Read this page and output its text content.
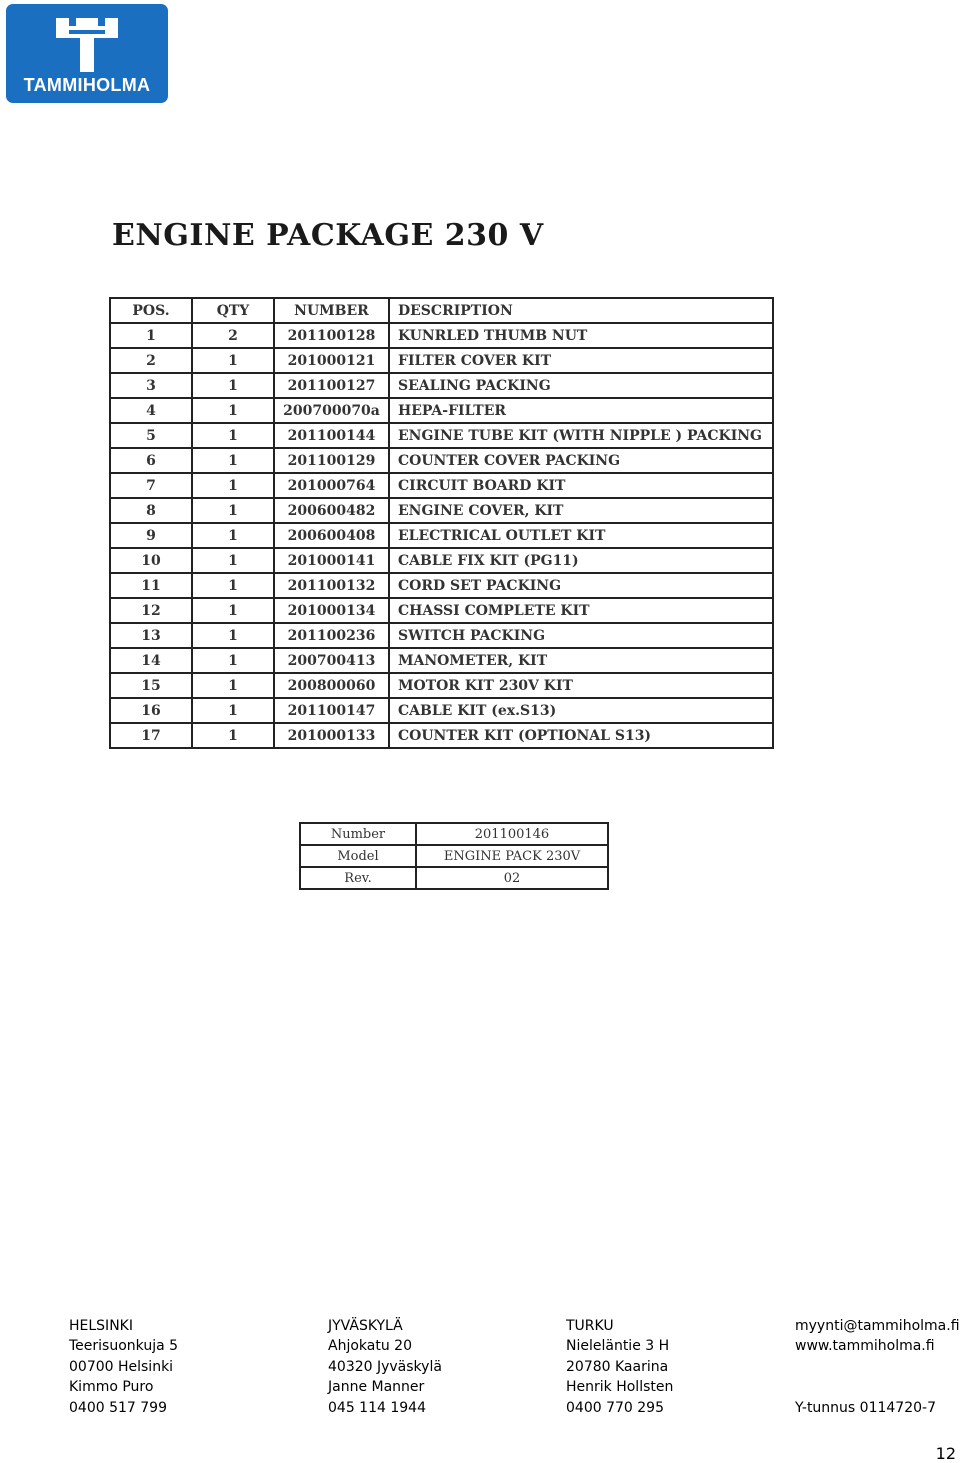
TAMMIHOLMA
ENGINE PACKAGE 230 V
POS.	QTY	NUMBER	DESCRIPTION
1	2	201100128	KUNRLED THUMB NUT
2	1	201000121	FILTER COVER KIT
3	1	201100127	SEALING PACKING
4	1	200700070a	HEPA-FILTER
5	1	201100144	ENGINE TUBE KIT (WITH NIPPLE ) PACKING
6	1	201100129	COUNTER COVER PACKING
7	1	201000764	CIRCUIT BOARD KIT
8	1	200600482	ENGINE COVER, KIT
9	1	200600408	ELECTRICAL OUTLET KIT
10	1	201000141	CABLE FIX KIT (PG11)
11	1	201100132	CORD SET PACKING
12	1	201000134	CHASSI COMPLETE KIT
13	1	201100236	SWITCH PACKING
14	1	200700413	MANOMETER, KIT
15	1	200800060	MOTOR KIT 230V KIT
16	1	201100147	CABLE KIT (ex.S13)
17	1	201000133	COUNTER KIT (OPTIONAL S13)
Number	201100146
Model	ENGINE PACK 230V
Rev.	02
HELSINKI
Teerisuonkuja 5
00700 Helsinki
Kimmo Puro
0400 517 799
JYVÄSKYLÄ
Ahjokatu 20
40320 Jyväskylä
Janne Manner
045 114 1944
TURKU
Nieleläntie 3 H
20780 Kaarina
Henrik Hollsten
0400 770 295
myynti@tammiholma.fi
www.tammiholma.fi
Y-tunnus 0114720-7
12
